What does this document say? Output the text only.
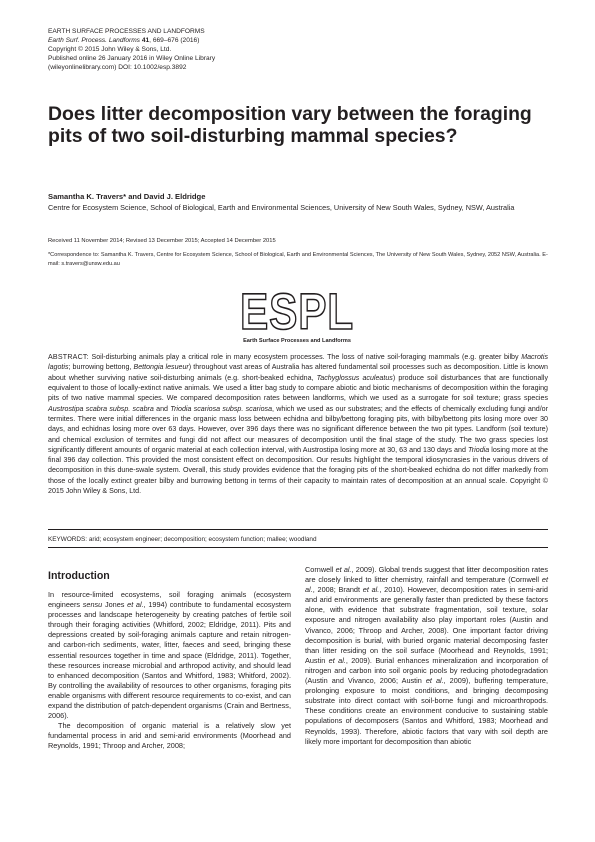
EARTH SURFACE PROCESSES AND LANDFORMS
Earth Surf. Process. Landforms 41, 669–676 (2016)
Copyright © 2015 John Wiley & Sons, Ltd.
Published online 26 January 2016 in Wiley Online Library
(wileyonlinelibrary.com) DOI: 10.1002/esp.3892
Does litter decomposition vary between the foraging pits of two soil-disturbing mammal species?
Samantha K. Travers* and David J. Eldridge
Centre for Ecosystem Science, School of Biological, Earth and Environmental Sciences, University of New South Wales, Sydney, NSW, Australia
Received 11 November 2014; Revised 13 December 2015; Accepted 14 December 2015
*Correspondence to: Samantha K. Travers, Centre for Ecosystem Science, School of Biological, Earth and Environmental Sciences, The University of New South Wales, Sydney, 2052 NSW, Australia. E-mail: s.travers@unsw.edu.au
ESPL
Earth Surface Processes and Landforms
ABSTRACT: Soil-disturbing animals play a critical role in many ecosystem processes. The loss of native soil-foraging mammals (e.g. greater bilby Macrotis lagotis; burrowing bettong, Bettongia lesueur) throughout vast areas of Australia has altered fundamental soil processes such as decomposition. Little is known about whether surviving native soil-disturbing animals (e.g. short-beaked echidna, Tachyglossus aculeatus) produce soil disturbances that are functionally equivalent to those of locally-extinct native animals. We used a litter bag study to compare abiotic and biotic mechanisms of decomposition within the foraging pits of two native mammal species. We compared decomposition rates between landforms, which we used as a surrogate for soil texture; grass species Austrostipa scabra subsp. scabra and Triodia scariosa subsp. scariosa, which we used as our substrates; and the effects of chemically excluding fungi and/or termites. There were initial differences in the organic mass loss between echidna and bilby/bettong foraging pits, with bilby/bettong pits losing more over 30 days, and echidnas losing more over 63 days. However, over 396 days there was no significant difference between the two pit types. Landform (soil texture) and chemical exclusion of termites and fungi did not affect our measures of decomposition until the final stage of the study. The two grass species lost significantly different amounts of organic material at each collection interval, with Austrostipa losing more at 30, 63 and 130 days and Triodia losing more at the final 396 day collection. This provided the most consistent effect on decomposition. Our results highlight the temporal idiosyncrasies in the various drivers of decomposition in this dune-swale system. Overall, this study provides evidence that the foraging pits of the short-beaked echidna do not differ markedly from those of the locally extinct greater bilby and burrowing bettong in terms of their capacity to maintain rates of decomposition at an annual scale. Copyright © 2015 John Wiley & Sons, Ltd.
KEYWORDS: arid; ecosystem engineer; decomposition; ecosystem function; mallee; woodland
Introduction

In resource-limited ecosystems, soil foraging animals (ecosystem engineers sensu Jones et al., 1994) contribute to fundamental ecosystem processes and landscape heterogeneity by creating patches of fertile soil through their foraging activities (Whitford, 2002; Eldridge, 2011). Pits and depressions created by soil-foraging animals capture and retain nitrogen- and carbon-rich sediments, water, litter, faeces and seed, bringing these essential resources together in time and space (Eldridge, 2011). Together, these resources increase microbial and arthropod activity, and should lead to enhanced decomposition (Santos and Whitford, 1983; Whitford, 2002). By controlling the availability of resources to other organisms, foraging pits enable organisms with different resource requirements to co-exist, and can expand the distribution of patch-dependent organisms (Crain and Bertness, 2006).

The decomposition of organic material is a relatively slow yet fundamental process in arid and semi-arid environments (Moorhead and Reynolds, 1991; Throop and Archer, 2008;

Cornwell et al., 2009). Global trends suggest that litter decomposition rates are closely linked to litter chemistry, rainfall and temperature (Cornwell et al., 2008; Brandt et al., 2010). However, decomposition rates in semi-arid and arid environments are generally faster than predicted by these factors alone, with evidence that substrate fragmentation, soil texture, solar exposure and nitrogen availability also play important roles (Austin and Vivanco, 2006; Throop and Archer, 2008). One important factor driving decomposition is burial, with buried organic material decomposing faster than litter residing on the soil surface (Moorhead and Reynolds, 1991; Austin et al., 2009). Burial enhances mineralization and incorporation of nitrogen and carbon into soil organic pools by reducing photodegradation (Austin and Vivanco, 2006; Austin et al., 2009), buffering temperature, prolonging exposure to moist conditions, and bringing decomposing substrate into direct contact with soil-borne fungi and microarthropods. These conditions create an environment conducive to sustaining stable populations of decomposers (Santos and Whitford, 1983; Moorhead and Reynolds, 1993). Therefore, abiotic factors that vary with soil depth are likely more important for decomposition than abiotic
